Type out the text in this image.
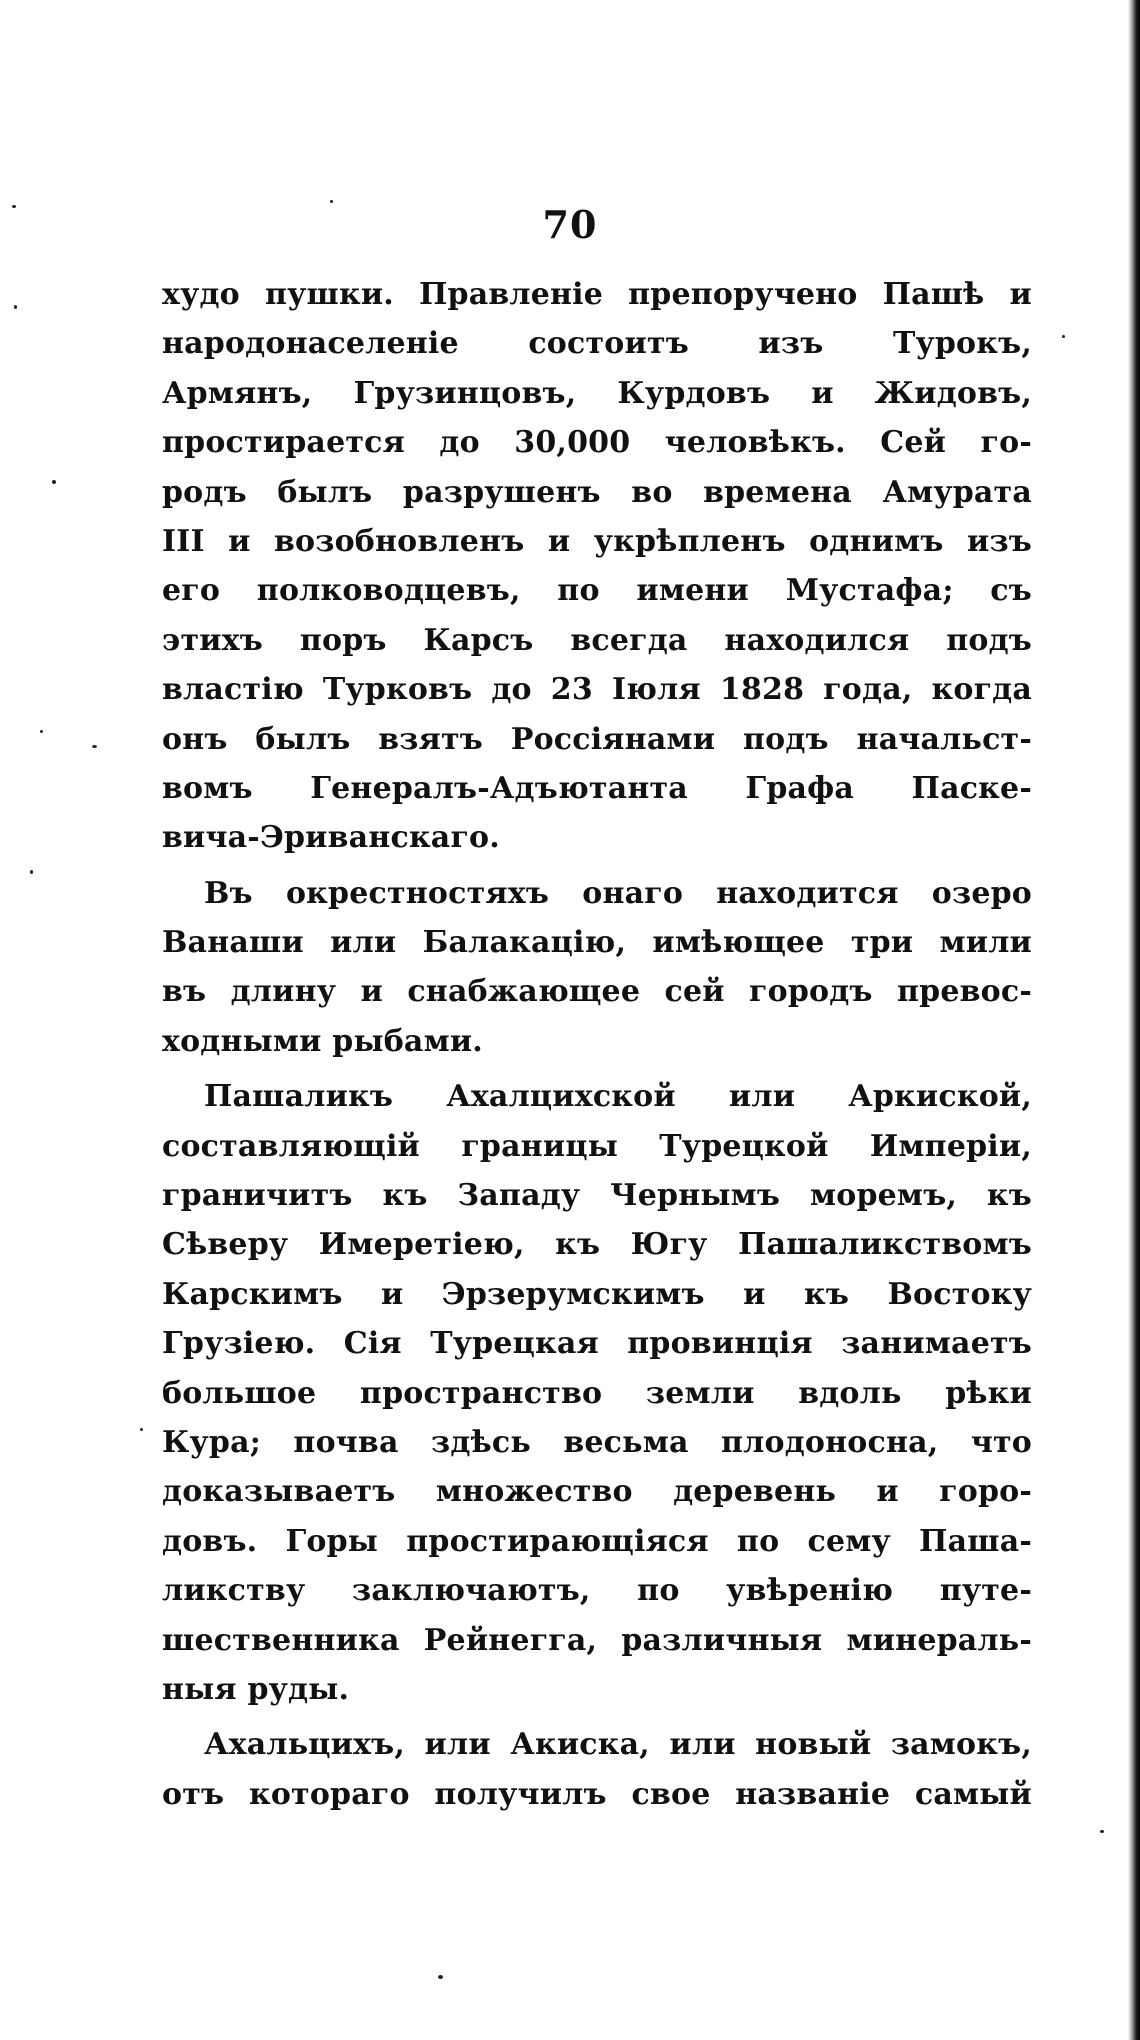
70
худо пушки. Правленіе препоручено Пашѣ и
народонаселеніе состоитъ изъ Турокъ,
Армянъ, Грузинцовъ, Курдовъ и Жидовъ,
простирается до 30,000 человѣкъ. Сей го-
родъ былъ разрушенъ во времена Амурата
III и возобновленъ и укрѣпленъ однимъ изъ
его полководцевъ, по имени Мустафа; съ
этихъ поръ Карсъ всегда находился подъ
властію Турковъ до 23 Іюля 1828 года, когда
онъ былъ взятъ Россіянами подъ начальст-
вомъ Генералъ-Адъютанта Графа Паске-
вича-Эриванскаго.
Въ окрестностяхъ онаго находится озеро
Ванаши или Балакацію, имѣющее три мили
въ длину и снабжающее сей городъ превос-
ходными рыбами.
Пашаликъ Ахалцихской или Аркиской,
составляющій границы Турецкой Имперіи,
граничитъ къ Западу Чернымъ моремъ, къ
Сѣверу Имеретіею, къ Югу Пашаликствомъ
Карскимъ и Эрзерумскимъ и къ Востоку
Грузіею. Сія Турецкая провинція занимаетъ
большое пространство земли вдоль рѣки
Кура; почва здѣсь весьма плодоносна, что
доказываетъ множество деревень и горо-
довъ. Горы простирающіяся по сему Паша-
ликству заключаютъ, по увѣренію путе-
шественника Рейнегга, различныя минераль-
ныя руды.
Ахальцихъ, или Акиска, или новый замокъ,
отъ котораго получилъ свое названіе самый
